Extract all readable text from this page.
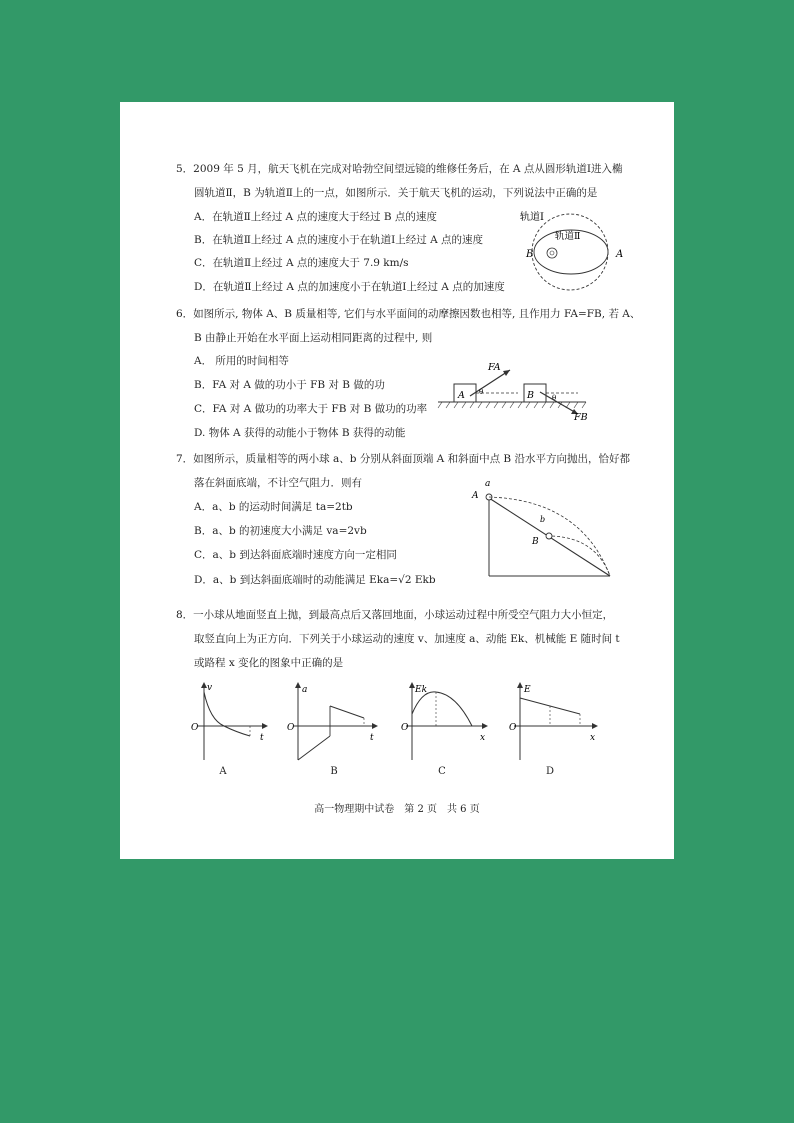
5．2009 年 5 月，航天飞机在完成对哈勃空间望远镜的维修任务后，在 A 点从圆形轨道Ⅰ进入椭
圆轨道Ⅱ，B 为轨道Ⅱ上的一点，如图所示．关于航天飞机的运动，下列说法中正确的是
A．在轨道Ⅱ上经过 A 点的速度大于经过 B 点的速度
B．在轨道Ⅱ上经过 A 点的速度小于在轨道Ⅰ上经过 A 点的速度
C．在轨道Ⅱ上经过 A 点的速度大于 7.9 km/s
D．在轨道Ⅱ上经过 A 点的加速度小于在轨道Ⅰ上经过 A 点的加速度
轨道Ⅰ
轨道Ⅱ
B	A
6．如图所示, 物体 A、B 质量相等, 它们与水平面间的动摩擦因数也相等, 且作用力 FA=FB, 若 A、
B 由静止开始在水平面上运动相同距离的过程中, 则
A． 所用的时间相等
B．FA 对 A 做的功小于 FB 对 B 做的功
C．FA 对 A 做功的功率大于 FB 对 B 做功的功率
D. 物体 A 获得的动能小于物体 B 获得的动能
A θ
FA
B	θ
FB
7．如图所示，质量相等的两小球 a、b 分别从斜面顶端 A 和斜面中点 B 沿水平方向抛出，恰好都
落在斜面底端，不计空气阻力．则有
A．a、b 的运动时间满足 ta=2tb
B．a、b 的初速度大小满足 va=2vb
C．a、b 到达斜面底端时速度方向一定相同
D．a、b 到达斜面底端时的动能满足 Eka=√2 Ekb
a
A
B
b
8．一小球从地面竖直上抛，到最高点后又落回地面，小球运动过程中所受空气阻力大小恒定，
取竖直向上为正方向．下列关于小球运动的速度 v、加速度 a、动能 Ek、机械能 E 随时间 t
或路程 x 变化的图象中正确的是
v
t
O
A
a
t
O
B
Ek
x
O
C
E
x
O
D
高一物理期中试卷　第 2 页　共 6 页
